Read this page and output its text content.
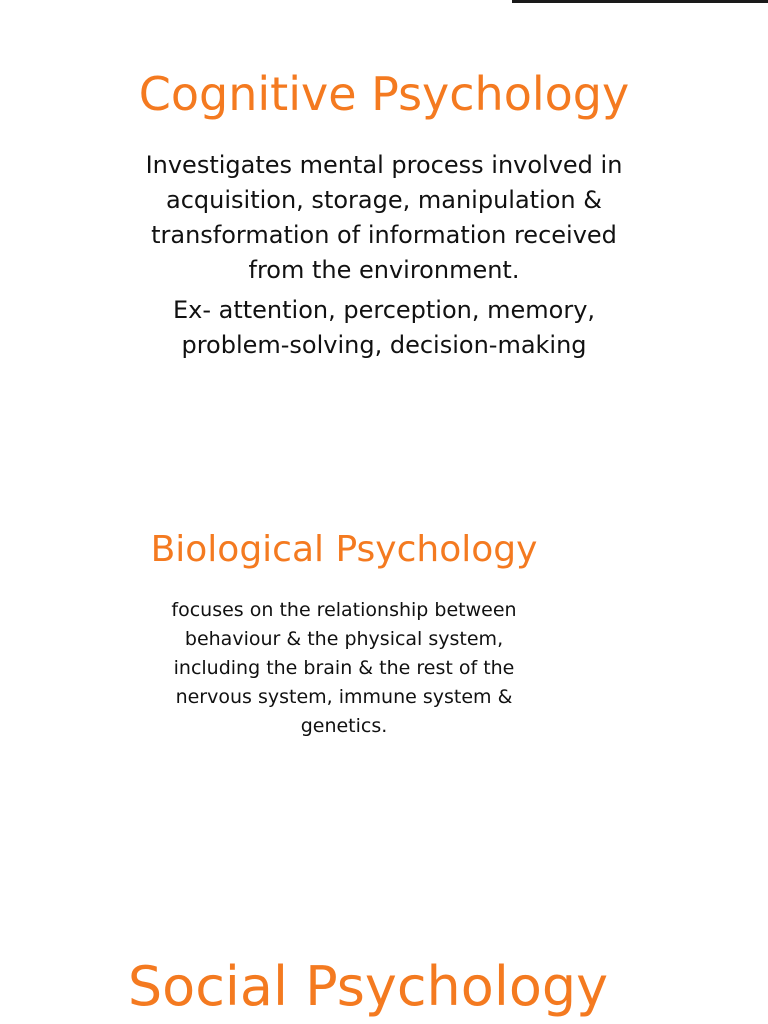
Cognitive Psychology

Investigates mental process involved in
acquisition, storage, manipulation &
transformation of information received
from the environment.

Ex- attention, perception, memory,
problem-solving, decision-making

Biological Psychology

focuses on the relationship between
behaviour & the physical system,
including the brain & the rest of the
nervous system, immune system &
genetics.

Social Psychology
